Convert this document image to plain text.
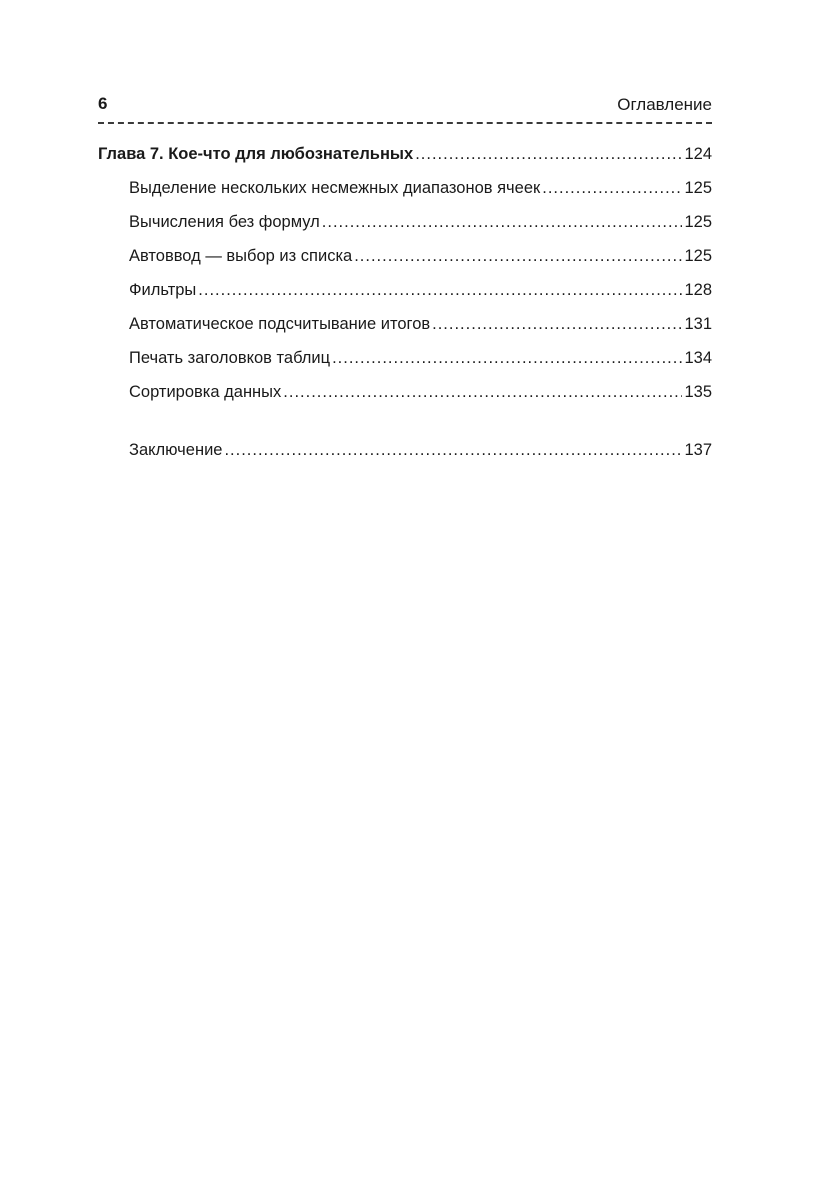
6	Оглавление
Глава 7. Кое-что для любознательных .....	124
Выделение нескольких несмежных диапазонов ячеек .....	125
Вычисления без формул .....	125
Автоввод — выбор из списка .....	125
Фильтры .....	128
Автоматическое подсчитывание итогов .....	131
Печать заголовков таблиц .....	134
Сортировка данных .....	135
Заключение .....	137
